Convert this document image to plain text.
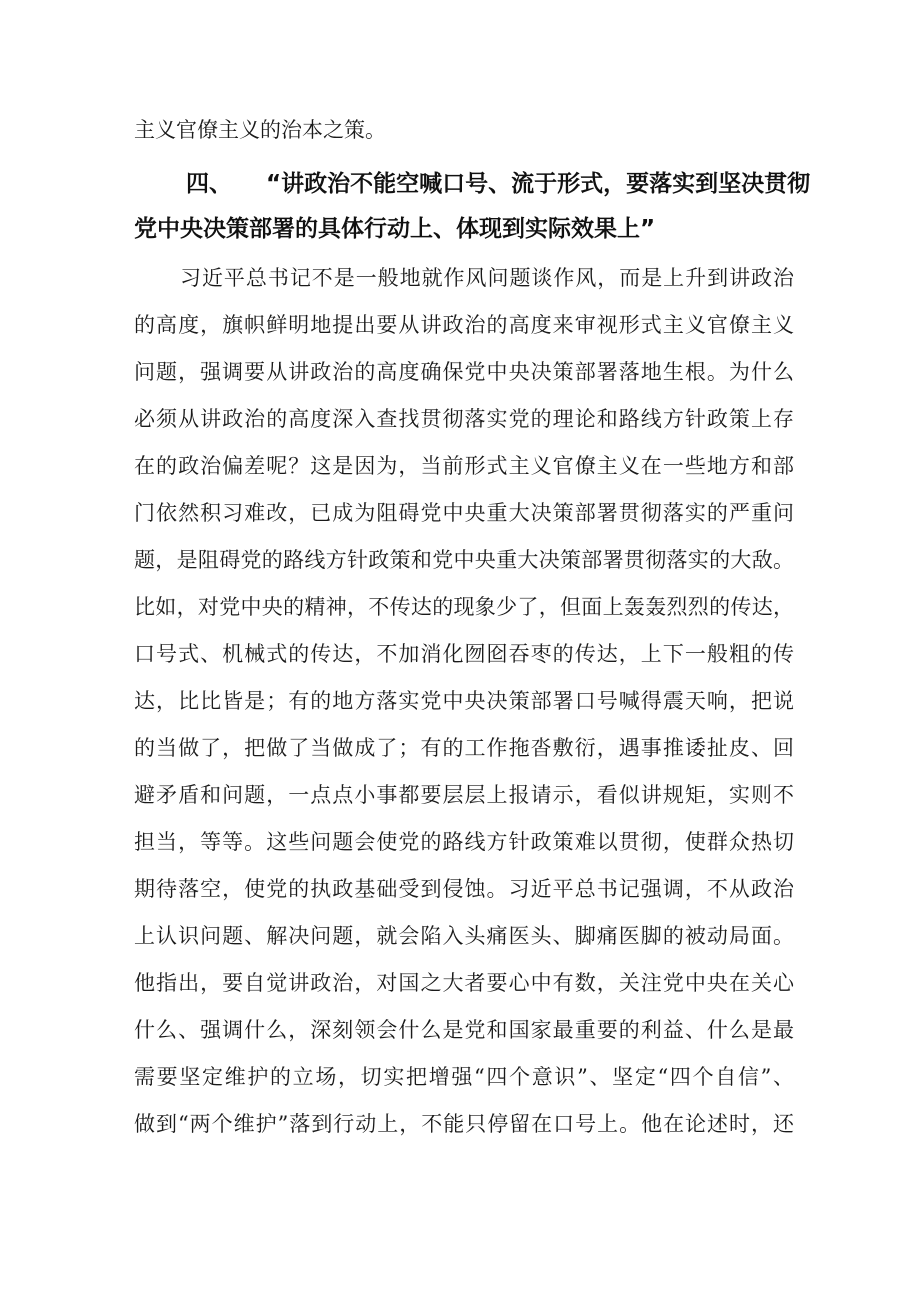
主义官僚主义的治本之策。
四、 “讲政治不能空喊口号、流于形式，要落实到坚决贯彻
党中央决策部署的具体行动上、体现到实际效果上”
习近平总书记不是一般地就作风问题谈作风，而是上升到讲政治
的高度，旗帜鲜明地提出要从讲政治的高度来审视形式主义官僚主义
问题，强调要从讲政治的高度确保党中央决策部署落地生根。为什么
必须从讲政治的高度深入查找贯彻落实党的理论和路线方针政策上存
在的政治偏差呢？这是因为，当前形式主义官僚主义在一些地方和部
门依然积习难改，已成为阻碍党中央重大决策部署贯彻落实的严重问
题，是阻碍党的路线方针政策和党中央重大决策部署贯彻落实的大敌。
比如，对党中央的精神，不传达的现象少了，但面上轰轰烈烈的传达，
口号式、机械式的传达，不加消化囫囵吞枣的传达，上下一般粗的传
达，比比皆是；有的地方落实党中央决策部署口号喊得震天响，把说
的当做了，把做了当做成了；有的工作拖沓敷衍，遇事推诿扯皮、回
避矛盾和问题，一点点小事都要层层上报请示，看似讲规矩，实则不
担当，等等。这些问题会使党的路线方针政策难以贯彻，使群众热切
期待落空，使党的执政基础受到侵蚀。习近平总书记强调，不从政治
上认识问题、解决问题，就会陷入头痛医头、脚痛医脚的被动局面。
他指出，要自觉讲政治，对国之大者要心中有数，关注党中央在关心
什么、强调什么，深刻领会什么是党和国家最重要的利益、什么是最
需要坚定维护的立场，切实把增强“四个意识”、坚定“四个自信”、
做到“两个维护”落到行动上，不能只停留在口号上。他在论述时，还
